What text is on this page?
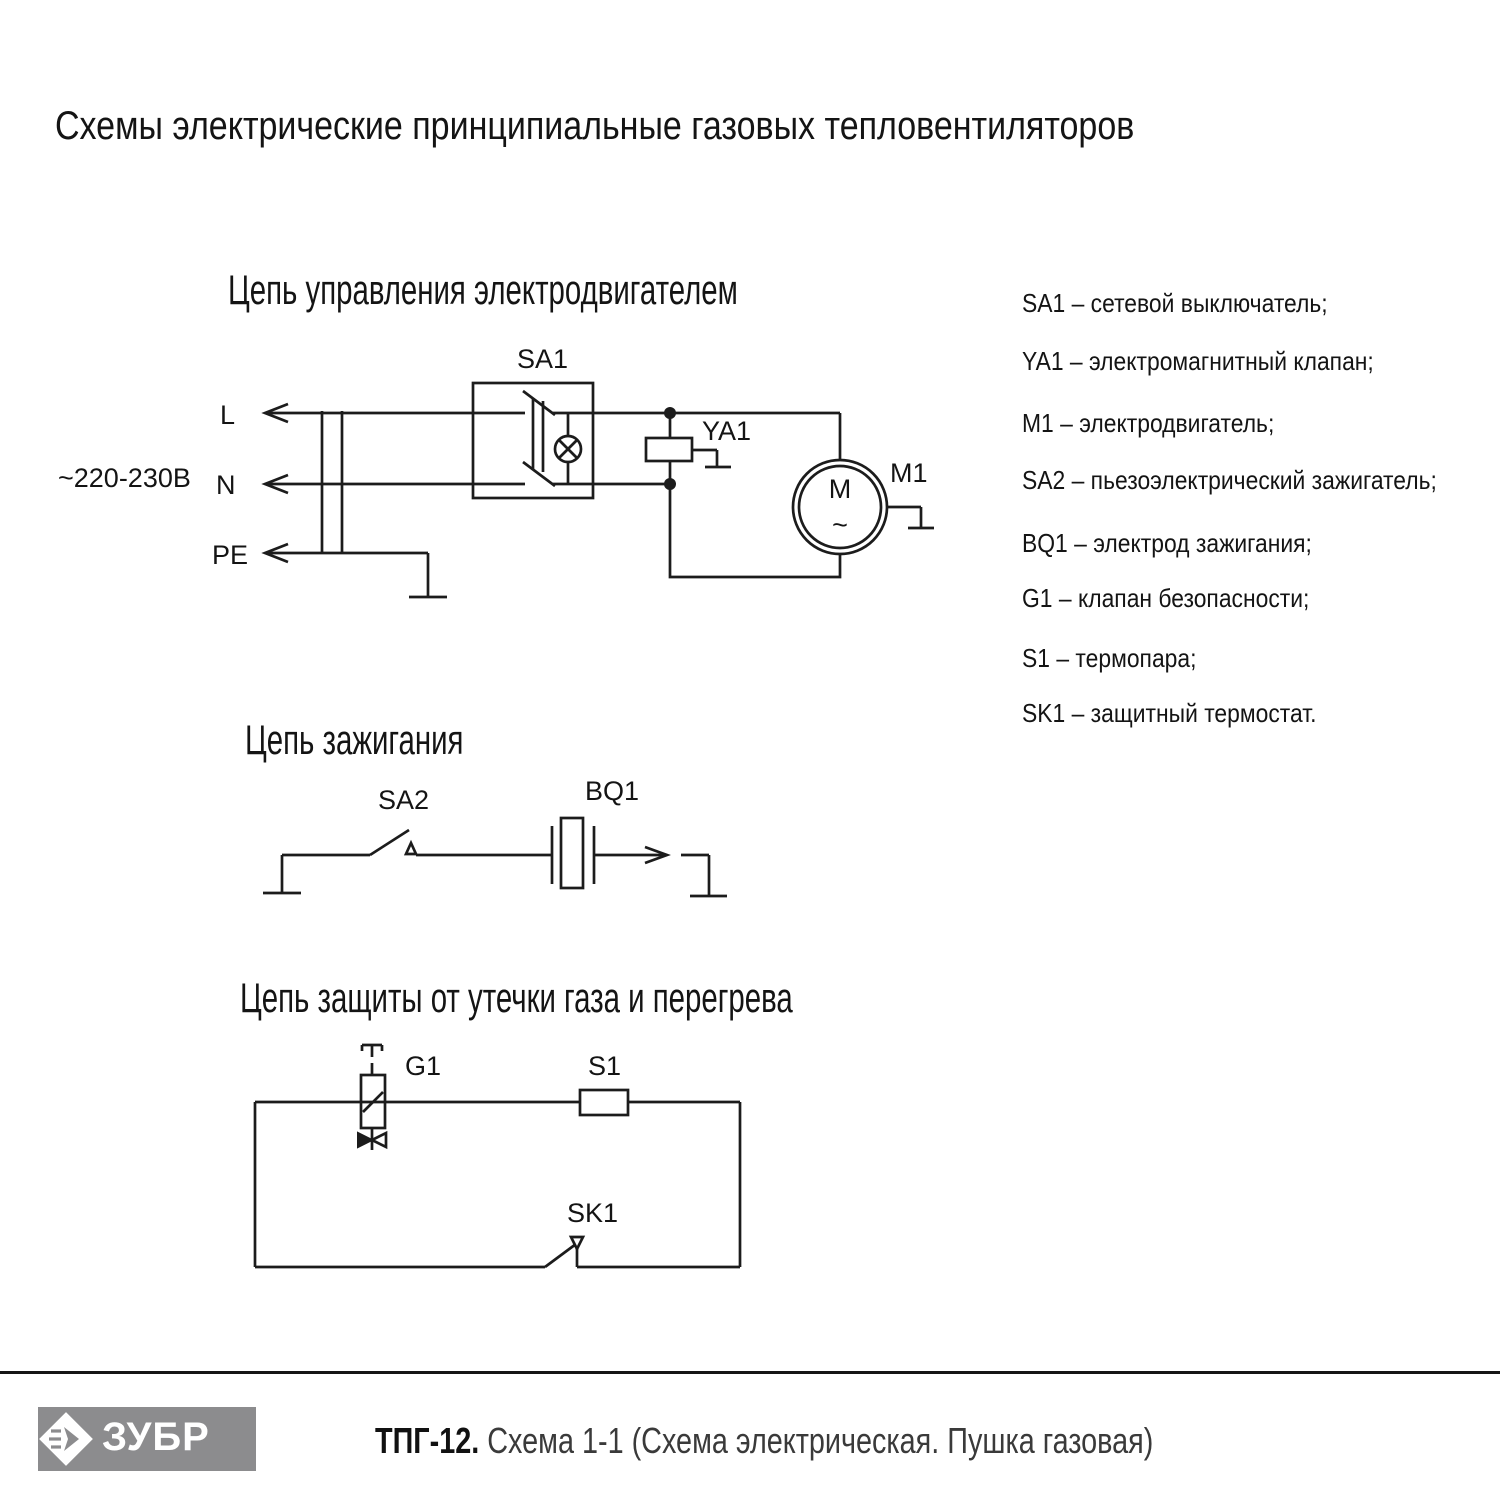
Схемы электрические принципиальные газовых тепловентиляторов
Цепь управления электродвигателем
Цепь зажигания
Цепь защиты от утечки газа и перегрева
SA1 – сетевой выключатель;
YA1 – электромагнитный клапан;
M1 – электродвигатель;
SA2 – пьезоэлектрический зажигатель;
BQ1 – электрод зажигания;
G1 – клапан безопасности;
S1 – термопара;
SK1 – защитный термостат.
~220-230В
L
N
PE
SA1
YA1
M1
M
~
SA2	BQ1
G1	S1
SK1
ЗУБР	ТПГ-12. Схема 1-1 (Схема электрическая. Пушка газовая)
